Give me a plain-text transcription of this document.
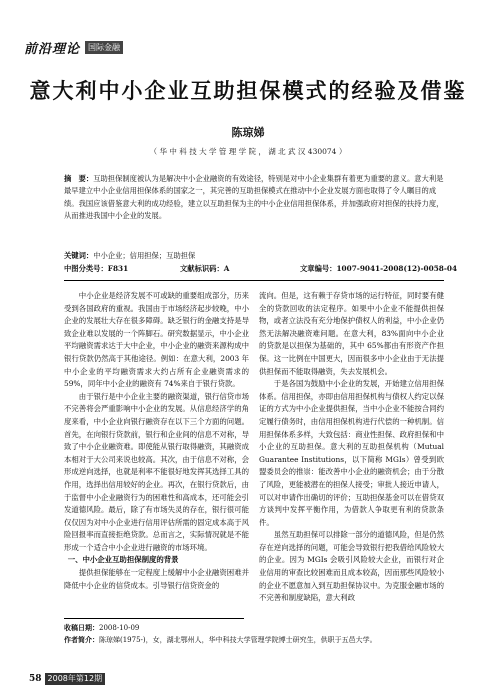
前沿理论	国际金融
意大利中小企业互助担保模式的经验及借鉴
陈琼娣
（ 华 中 科 技 大 学 管 理 学 院 ， 湖 北 武 汉 430074 ）
摘　要：互助担保制度被认为是解决中小企业融资的有效途径，特别是对中小企业集群有着更为重要的意义。意大利是最早建立中小企业信用担保体系的国家之一，其完善的互助担保模式在推动中小企业发展方面也取得了令人瞩目的成绩。我国应该借鉴意大利的成功经验，建立以互助担保为主的中小企业信用担保体系，并加强政府对担保的扶持力度，从而推进我国中小企业的发展。
关键词：中小企业；信用担保；互助担保
中图分类号：F831	文献标识码：A	文章编号：1007-9041-2008(12)-0058-04

中小企业是经济发展不可或缺的重要组成部分，历来受到各国政府的重视。我国由于市场经济起步较晚，中小企业的发展壮大存在很多障碍。缺乏银行的金融支持是导致企业难以发展的一个阵脚石。研究数据显示，中小企业平均融资需求达于大中企业，中小企业的融资来源构成中银行贷款仍然高于其他途径。例如：在意大利，2003 年中小企业的平均融资需求大约占所有企业融资需求的 59%，同年中小企业的融资有 74%来自于银行贷款。

由于银行是中小企业主要的融资渠道，银行信贷市场不完善将会严重影响中小企业的发展。从信息经济学的角度来看，中小企业向银行融资存在以下三个方面的问题。首先，在向银行贷款前，银行和企业间的信息不对称，导致了中小企业融资难。即使能从银行取得融资，其融资成本相对于大公司来说也较高。其次，由于信息不对称，会形成逆向选择，也就是利率不能很好地发挥其选择工具的作用，选择出信用较好的企业。再次，在银行贷款后，由于监督中小企业融资行为的困难性和高成本，还可能会引发道德风险。最后，除了有市场失灵的存在，银行很可能仅仅因为对中小企业进行信用评估所需的固定成本高于风险回报率而直接拒绝贷款。总而言之，实际情况就是不能形成一个适合中小企业进行融资的市场环境。

一、中小企业互助担保制度的背景

提供担保能够在一定程度上缓解中小企业融资困难并降低中小企业的信贷成本。引导银行信贷资金的

流向。但是，这有赖于存贷市场的运行特征，同时要有健全的贷款回收的法定程序。如果中小企业不能提供担保物，或者立法没有充分地保护债权人的利益，中小企业仍然无法解决融资难问题。在意大利，83%面向中小企业的贷款是以担保为基础的，其中 65%都由有形资产作担保。这一比例在中国更大，因而很多中小企业由于无法提供担保而不能取得融资，失去发展机会。

于是各国为鼓励中小企业的发展，开始建立信用担保体系。信用担保，亦即由信用担保机构与债权人约定以保证的方式为中小企业提供担保，当中小企业不能按合同约定履行债务时，由信用担保机构进行代偿的一种机制。信用担保体系多样，大致包括：商业性担保、政府担保和中小企业的互助担保。意大利的互助担保机构（Mutual Guarantee Institutions，以下简称 MGIs）曾受到欧盟委员会的推崇：能改善中小企业的融资机会；由于分散了风险，更能被潜在的担保人接受；审批人接近申请人，可以对申请作出确切的评价；互助担保基金可以在借贷双方谈判中发挥平衡作用，为借款人争取更有利的贷款条件。

虽然互助担保可以排除一部分的道德风险，但是仍然存在逆向选择的问题，可能会导致银行把我借给风险较大的企业。因为 MGIs 会吸引风险较大企业，而银行对企业信用的审查比较困难而且成本较高，因而那些风险较小的企业不愿意加入到互助担保协议中。为克服金融市场的不完善和制度缺陷，意大利政

收稿日期：2008-10-09
作者简介：陈琼娣(1975-)，女，湖北鄂州人，华中科技大学管理学院博士研究生，供职于五邑大学。
58 2008年第12期
